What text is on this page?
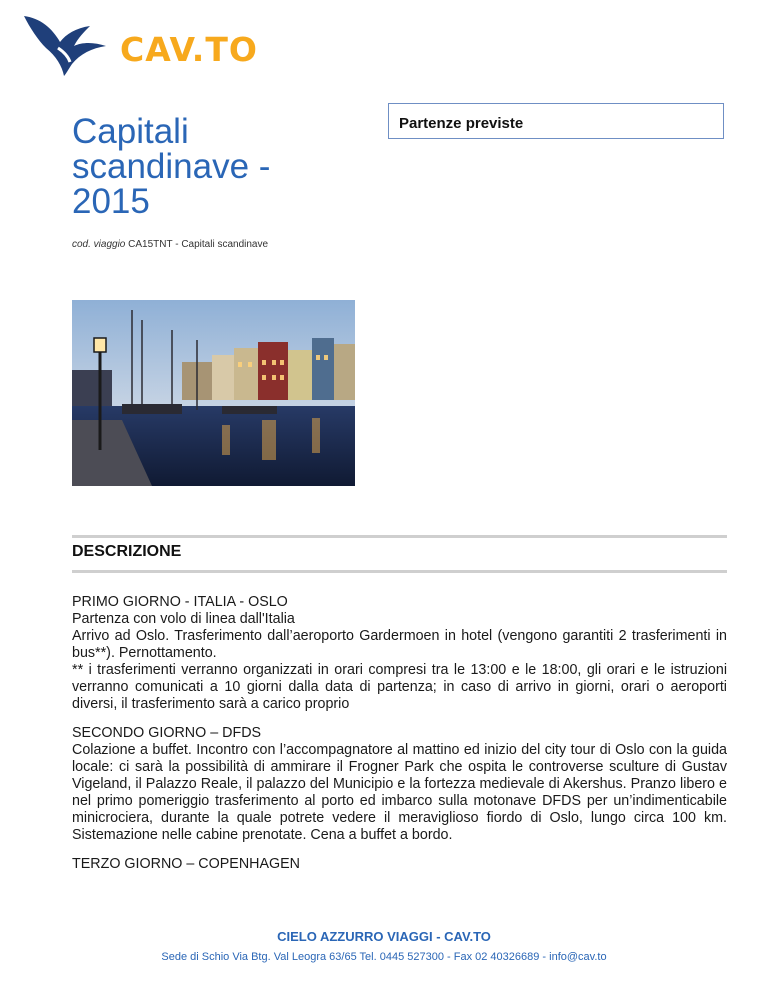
CAV.TO
Capitali scandinave - 2015
cod. viaggio CA15TNT - Capitali scandinave
Partenze previste
DESCRIZIONE

PRIMO GIORNO - ITALIA - OSLO

Partenza con volo di linea dall'Italia

Arrivo ad Oslo. Trasferimento dall’aeroporto Gardermoen in hotel (vengono garantiti 2 trasferimenti in bus**). Pernottamento.

** i trasferimenti verranno organizzati in orari compresi tra le 13:00 e le 18:00, gli orari e le istruzioni verranno comunicati a 10 giorni dalla data di partenza; in caso di arrivo in giorni, orari o aeroporti diversi, il trasferimento sarà a carico proprio

SECONDO GIORNO – DFDS

Colazione a buffet. Incontro con l’accompagnatore al mattino ed inizio del city tour di Oslo con la guida locale: ci sarà la possibilità di ammirare il Frogner Park che ospita le controverse sculture di Gustav Vigeland, il Palazzo Reale, il palazzo del Municipio e la fortezza medievale di Akershus. Pranzo libero e nel primo pomeriggio trasferimento al porto ed imbarco sulla motonave DFDS per un’indimenticabile minicrociera, durante la quale potrete vedere il meraviglioso fiordo di Oslo, lungo circa 100 km. Sistemazione nelle cabine prenotate. Cena a buffet a bordo.

TERZO GIORNO – COPENHAGEN

CIELO AZZURRO VIAGGI - CAV.TO
Sede di Schio Via Btg. Val Leogra 63/65 Tel. 0445 527300 - Fax 02 40326689 - info@cav.to
